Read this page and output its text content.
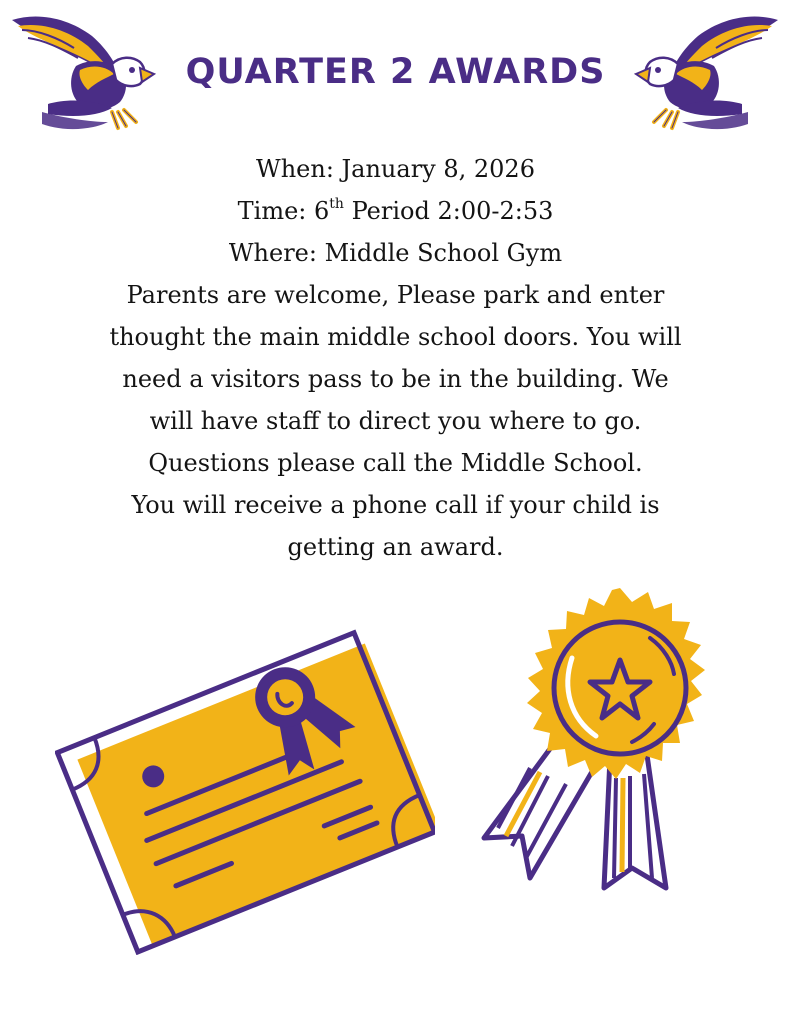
QUARTER 2 AWARDS
When: January 8, 2026
Time: 6th Period 2:00-2:53
Where: Middle School Gym
Parents are welcome, Please park and enter
thought the main middle school doors. You will
need a visitors pass to be in the building. We
will have staff to direct you where to go.
Questions please call the Middle School.
You will receive a phone call if your child is
getting an award.
